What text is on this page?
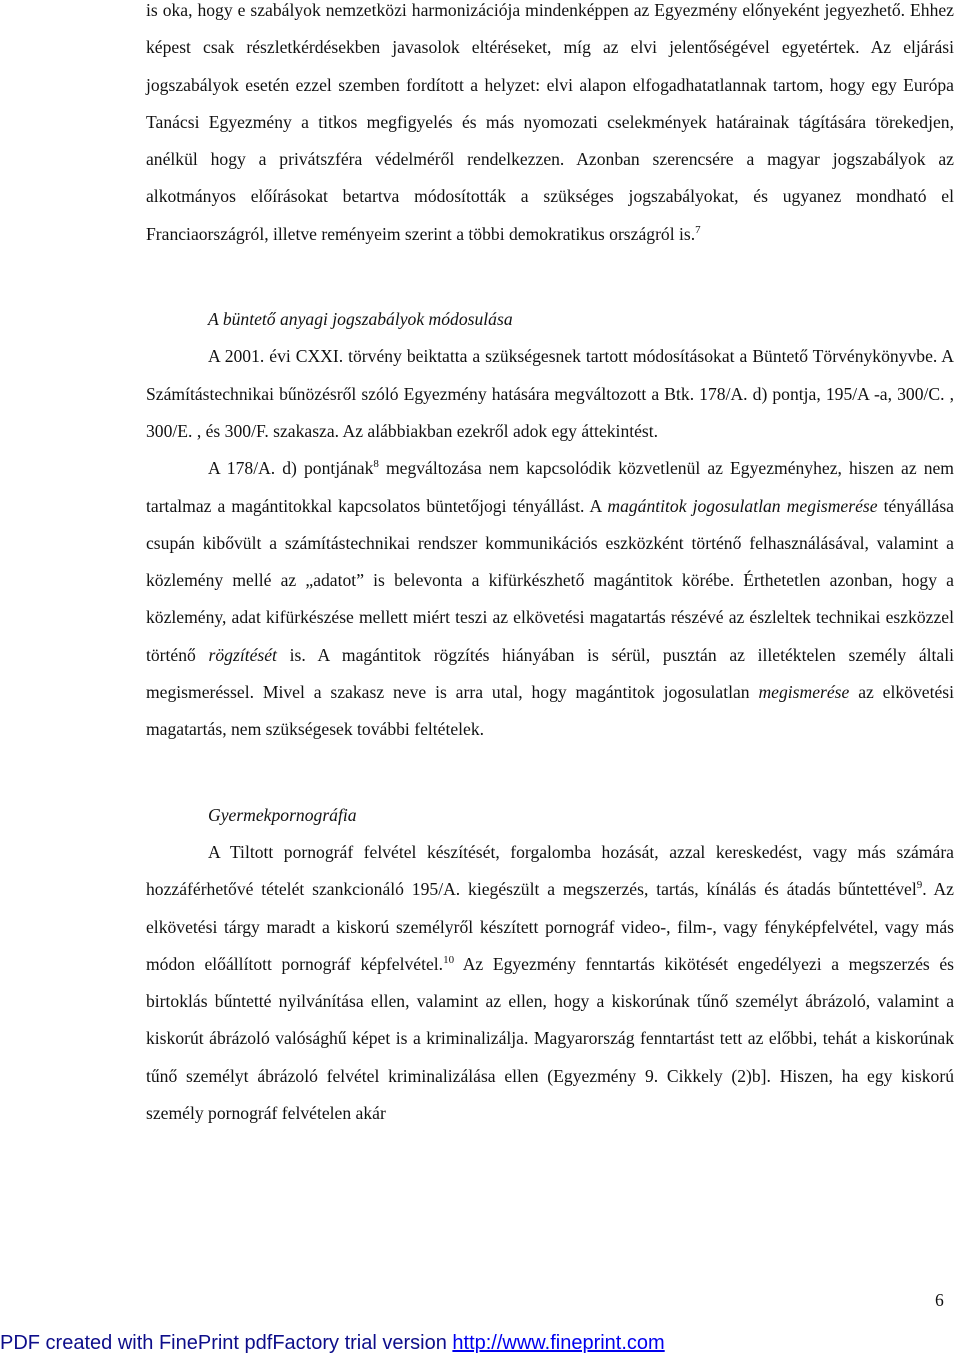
is oka, hogy e szabályok nemzetközi harmonizációja mindenképpen az Egyezmény előnyeként jegyezhető. Ehhez képest csak részletkérdésekben javasolok eltéréseket, míg az elvi jelentőségével egyetértek. Az eljárási jogszabályok esetén ezzel szemben fordított a helyzet: elvi alapon elfogadhatatlannak tartom, hogy egy Európa Tanácsi Egyezmény a titkos megfigyelés és más nyomozati cselekmények határainak tágítására törekedjen, anélkül hogy a privátszféra védelméről rendelkezzen. Azonban szerencsére a magyar jogszabályok az alkotmányos előírásokat betartva módosították a szükséges jogszabályokat, és ugyanez mondható el Franciaországról, illetve reményeim szerint a többi demokratikus országról is.$^7$

A büntető anyagi jogszabályok módosulása

A 2001. évi CXXI. törvény beiktatta a szükségesnek tartott módosításokat a Büntető Törvénykönyvbe. A Számítástechnikai bűnözésről szóló Egyezmény hatására megváltozott a Btk. 178/A. d) pontja, 195/A -a, 300/C. , 300/E. , és 300/F. szakasza. Az alábbiakban ezekről adok egy áttekintést.

A 178/A. d) pontjának$^8$ megváltozása nem kapcsolódik közvetlenül az Egyezményhez, hiszen az nem tartalmaz a magántitokkal kapcsolatos büntetőjogi tényállást. A magántitok jogosulatlan megismerése tényállása csupán kibővült a számítástechnikai rendszer kommunikációs eszközként történő felhasználásával, valamint a közlemény mellé az „adatot” is belevonta a kifürkészhető magántitok körébe. Érthetetlen azonban, hogy a közlemény, adat kifürkészése mellett miért teszi az elkövetési magatartás részévé az észleltek technikai eszközzel történő rögzítését is. A magántitok rögzítés hiányában is sérül, pusztán az illetéktelen személy általi megismeréssel. Mivel a szakasz neve is arra utal, hogy magántitok jogosulatlan megismerése az elkövetési magatartás, nem szükségesek további feltételek.

Gyermekpornográfia

A Tiltott pornográf felvétel készítését, forgalomba hozását, azzal kereskedést, vagy más számára hozzáférhetővé tételét szankcionáló 195/A. kiegészült a megszerzés, tartás, kínálás és átadás bűntettével$^9$. Az elkövetési tárgy maradt a kiskorú személyről készített pornográf video-, film-, vagy fényképfelvétel, vagy más módon előállított pornográf képfelvétel.$^{10}$ Az Egyezmény fenntartás kikötését engedélyezi a megszerzés és birtoklás bűntetté nyilvánítása ellen, valamint az ellen, hogy a kiskorúnak tűnő személyt ábrázoló, valamint a kiskorút ábrázoló valósághű képet is a kriminalizálja. Magyarország fenntartást tett az előbbi, tehát a kiskorúnak tűnő személyt ábrázoló felvétel kriminalizálása ellen (Egyezmény 9. Cikkely (2)b]. Hiszen, ha egy kiskorú személy pornográf felvételen akár

6
PDF created with FinePrint pdfFactory trial version http://www.fineprint.com
